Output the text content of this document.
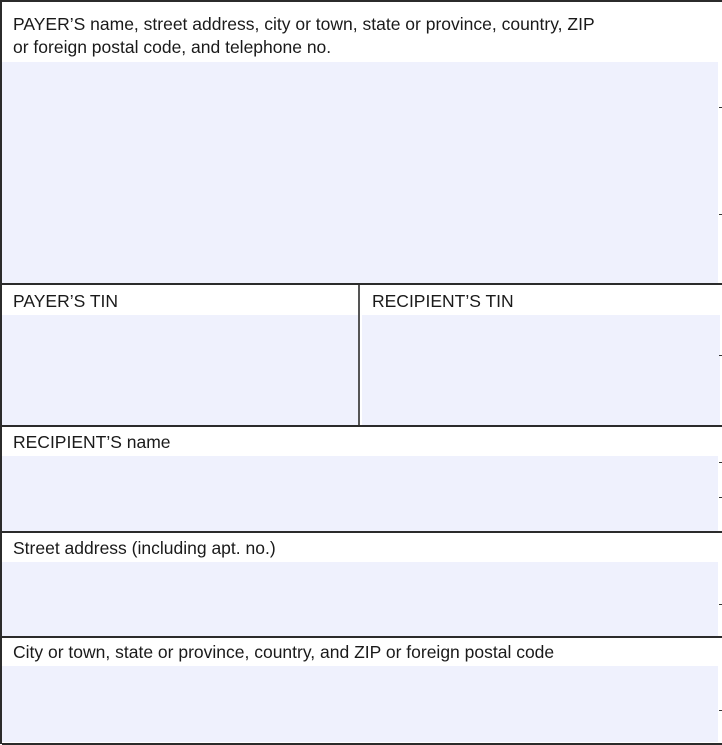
PAYER’S name, street address, city or town, state or province, country, ZIP
or foreign postal code, and telephone no.
PAYER’S TIN	RECIPIENT’S TIN
RECIPIENT’S name
Street address (including apt. no.)
City or town, state or province, country, and ZIP or foreign postal code
